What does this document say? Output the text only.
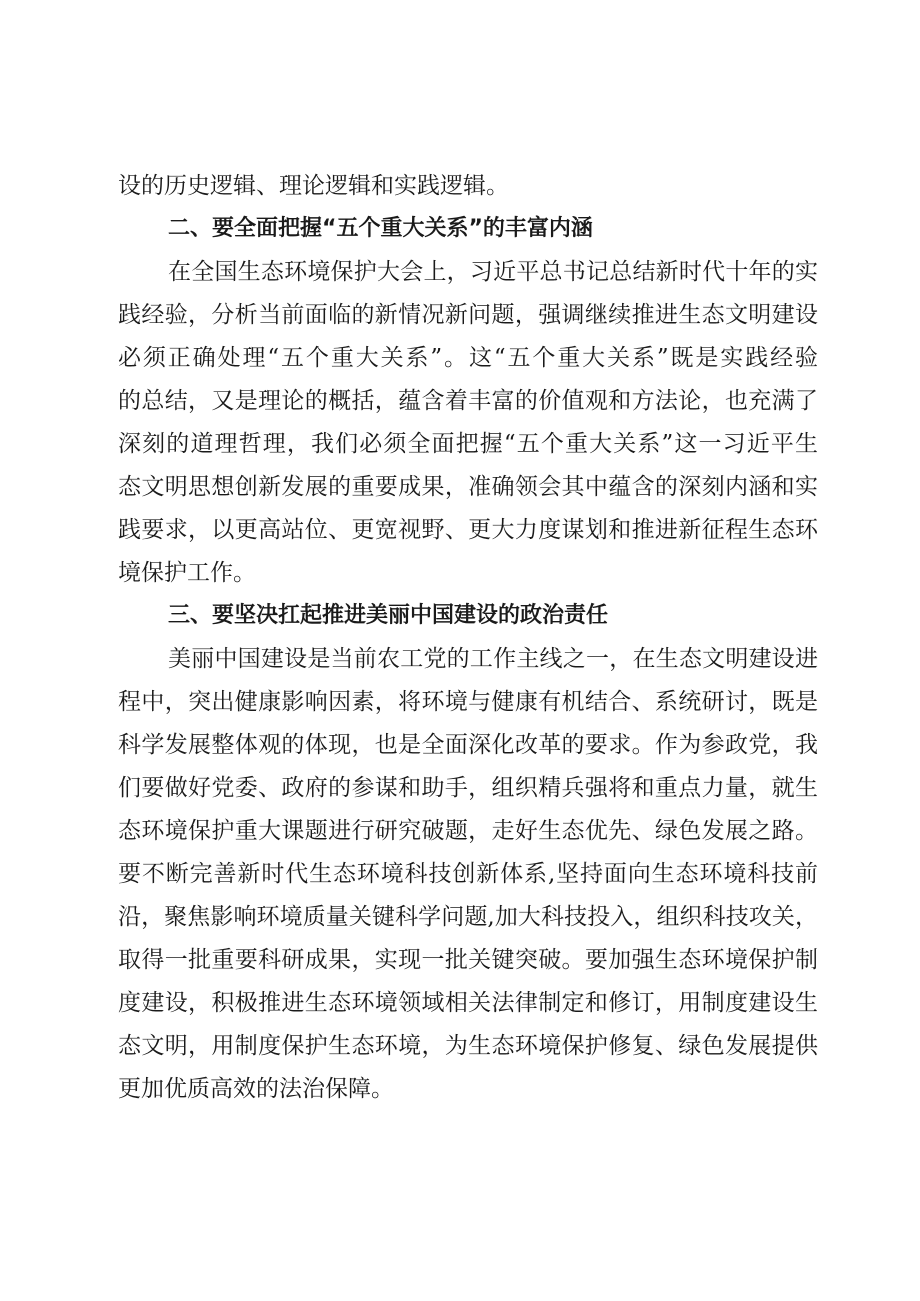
设的历史逻辑、理论逻辑和实践逻辑。
二、要全面把握“五个重大关系”的丰富内涵
在全国生态环境保护大会上，习近平总书记总结新时代十年的实
践经验，分析当前面临的新情况新问题，强调继续推进生态文明建设
必须正确处理“五个重大关系”。这“五个重大关系”既是实践经验
的总结，又是理论的概括，蕴含着丰富的价值观和方法论，也充满了
深刻的道理哲理，我们必须全面把握“五个重大关系”这一习近平生
态文明思想创新发展的重要成果，准确领会其中蕴含的深刻内涵和实
践要求，以更高站位、更宽视野、更大力度谋划和推进新征程生态环
境保护工作。
三、要坚决扛起推进美丽中国建设的政治责任
美丽中国建设是当前农工党的工作主线之一，在生态文明建设进
程中，突出健康影响因素，将环境与健康有机结合、系统研讨，既是
科学发展整体观的体现，也是全面深化改革的要求。作为参政党，我
们要做好党委、政府的参谋和助手，组织精兵强将和重点力量，就生
态环境保护重大课题进行研究破题，走好生态优先、绿色发展之路。
要不断完善新时代生态环境科技创新体系,坚持面向生态环境科技前
沿，聚焦影响环境质量关键科学问题,加大科技投入，组织科技攻关，
取得一批重要科研成果，实现一批关键突破。要加强生态环境保护制
度建设，积极推进生态环境领域相关法律制定和修订，用制度建设生
态文明，用制度保护生态环境，为生态环境保护修复、绿色发展提供
更加优质高效的法治保障。
